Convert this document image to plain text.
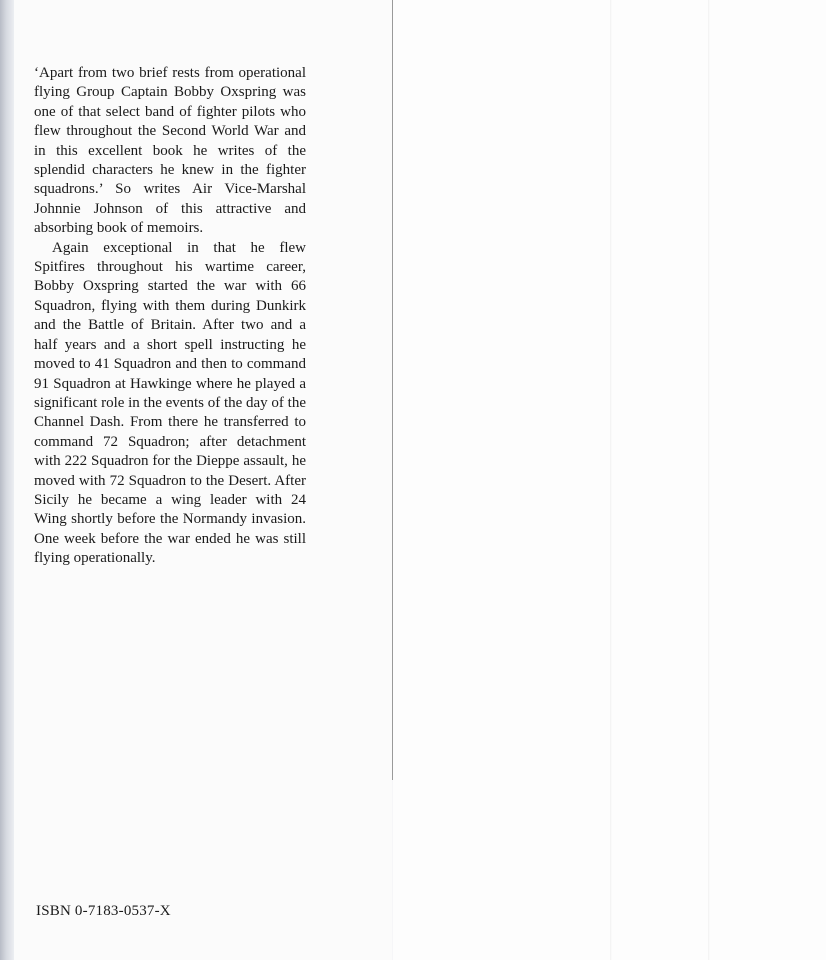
‘Apart from two brief rests from operational flying Group Captain Bobby Oxspring was one of that select band of fighter pilots who flew throughout the Second World War and in this excellent book he writes of the splendid characters he knew in the fighter squadrons.’ So writes Air Vice-Marshal Johnnie Johnson of this attractive and absorbing book of memoirs.

Again exceptional in that he flew Spitfires throughout his wartime career, Bobby Oxspring started the war with 66 Squadron, flying with them during Dunkirk and the Battle of Britain. After two and a half years and a short spell instructing he moved to 41 Squadron and then to command 91 Squadron at Hawkinge where he played a significant role in the events of the day of the Channel Dash. From there he transferred to command 72 Squadron; after detachment with 222 Squadron for the Dieppe assault, he moved with 72 Squadron to the Desert. After Sicily he became a wing leader with 24 Wing shortly before the Normandy invasion. One week before the war ended he was still flying operationally.

ISBN 0-7183-0537-X
